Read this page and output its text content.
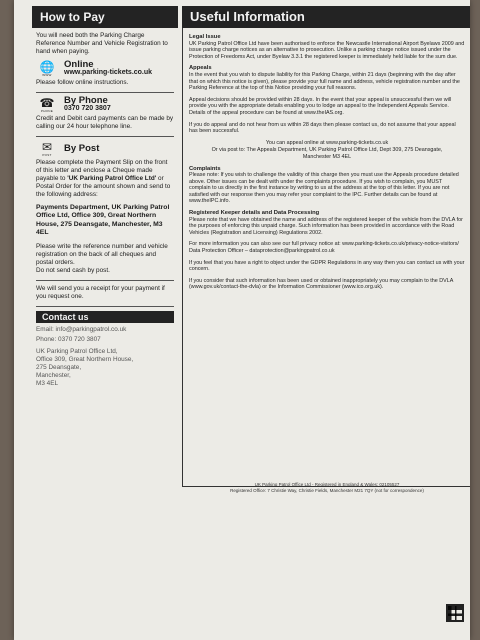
How to Pay

You will need both the Parking Charge Reference Number and Vehicle Registration to hand when paying.

🌐
WWW
Online
www.parking-tickets.co.uk

Please follow online instructions.

☎
PHONE
By Phone
0370 720 3807

Credit and Debit card payments can be made by calling our 24 hour telephone line.

✉
POST
By Post

Please complete the Payment Slip on the front of this letter and enclose a Cheque made payable to 'UK Parking Patrol Office Ltd' or Postal Order for the amount shown and send to the following address:

Payments Department, UK Parking Patrol Office Ltd, Office 309, Great Northern House, 275 Deansgate, Manchester, M3 4EL

Please write the reference number and vehicle registration on the back of all cheques and postal orders.

Do not send cash by post.

We will send you a receipt for your payment if you request one.

Contact us

Email: info@parkingpatrol.co.uk

Phone: 0370 720 3807

UK Parking Patrol Office Ltd,
Office 309, Great Northern House,
275 Deansgate,
Manchester,
M3 4EL
Useful Information
Legal Issue

UK Parking Patrol Office Ltd have been authorised to enforce the Newcastle International Airport Byelaws 2009 and issue parking charge notices as an alternative to prosecution. Unlike a parking charge notice issued under the Protection of Freedoms Act, under Byelaw 3.3.1 the registered keeper is immediately held liable for the sum due.

Appeals

In the event that you wish to dispute liability for this Parking Charge, within 21 days (beginning with the day after that on which this notice is given), please provide your full name and address, vehicle registration number and the Parking Reference at the top of this Notice providing your full reasons.

Appeal decisions should be provided within 28 days. In the event that your appeal is unsuccessful then we will provide you with the appropriate details enabling you to lodge an appeal to the Independent Appeals Service. Details of the appeal procedure can be found at www.theIAS.org.

If you do appeal and do not hear from us within 28 days then please contact us, do not assume that your appeal has been successful.

You can appeal online at www.parking-tickets.co.uk

Or via post to: The Appeals Department, UK Parking Patrol Office Ltd, Dept 309, 275 Deansgate, Manchester M3 4EL

Complaints

Please note: If you wish to challenge the validity of this charge then you must use the Appeals procedure detailed above. Other issues can be dealt with under the complaints procedure. If you wish to complain, you MUST complain to us directly in the first instance by writing to us at the address at the top of this letter. If you are not satisfied with our response then you may refer your complaint to the IPC. Further details can be found at www.theIPC.info.

Registered Keeper details and Data Processing

Please note that we have obtained the name and address of the registered keeper of the vehicle from the DVLA for the purposes of enforcing this unpaid charge. Such information has been provided in accordance with the Road Vehicles (Registration and Licensing) Regulations 2002.

For more information you can also see our full privacy notice at: www.parking-tickets.co.uk/privacy-notice-visitors/ Data Protection Officer – dataprotection@parkingpatrol.co.uk

If you feel that you have a right to object under the GDPR Regulations in any way then you can contact us with your concern.

If you consider that such information has been used or obtained inappropriately you may complain to the DVLA (www.gov.uk/contact-the-dvla) or the Information Commissioner (www.ico.org.uk).

UK Parking Patrol Office Ltd - Registered in England & Wales: 02105527
Registered Office: 7 Christie Way, Christie Fields, Manchester M21 7QY (not for correspondence)
